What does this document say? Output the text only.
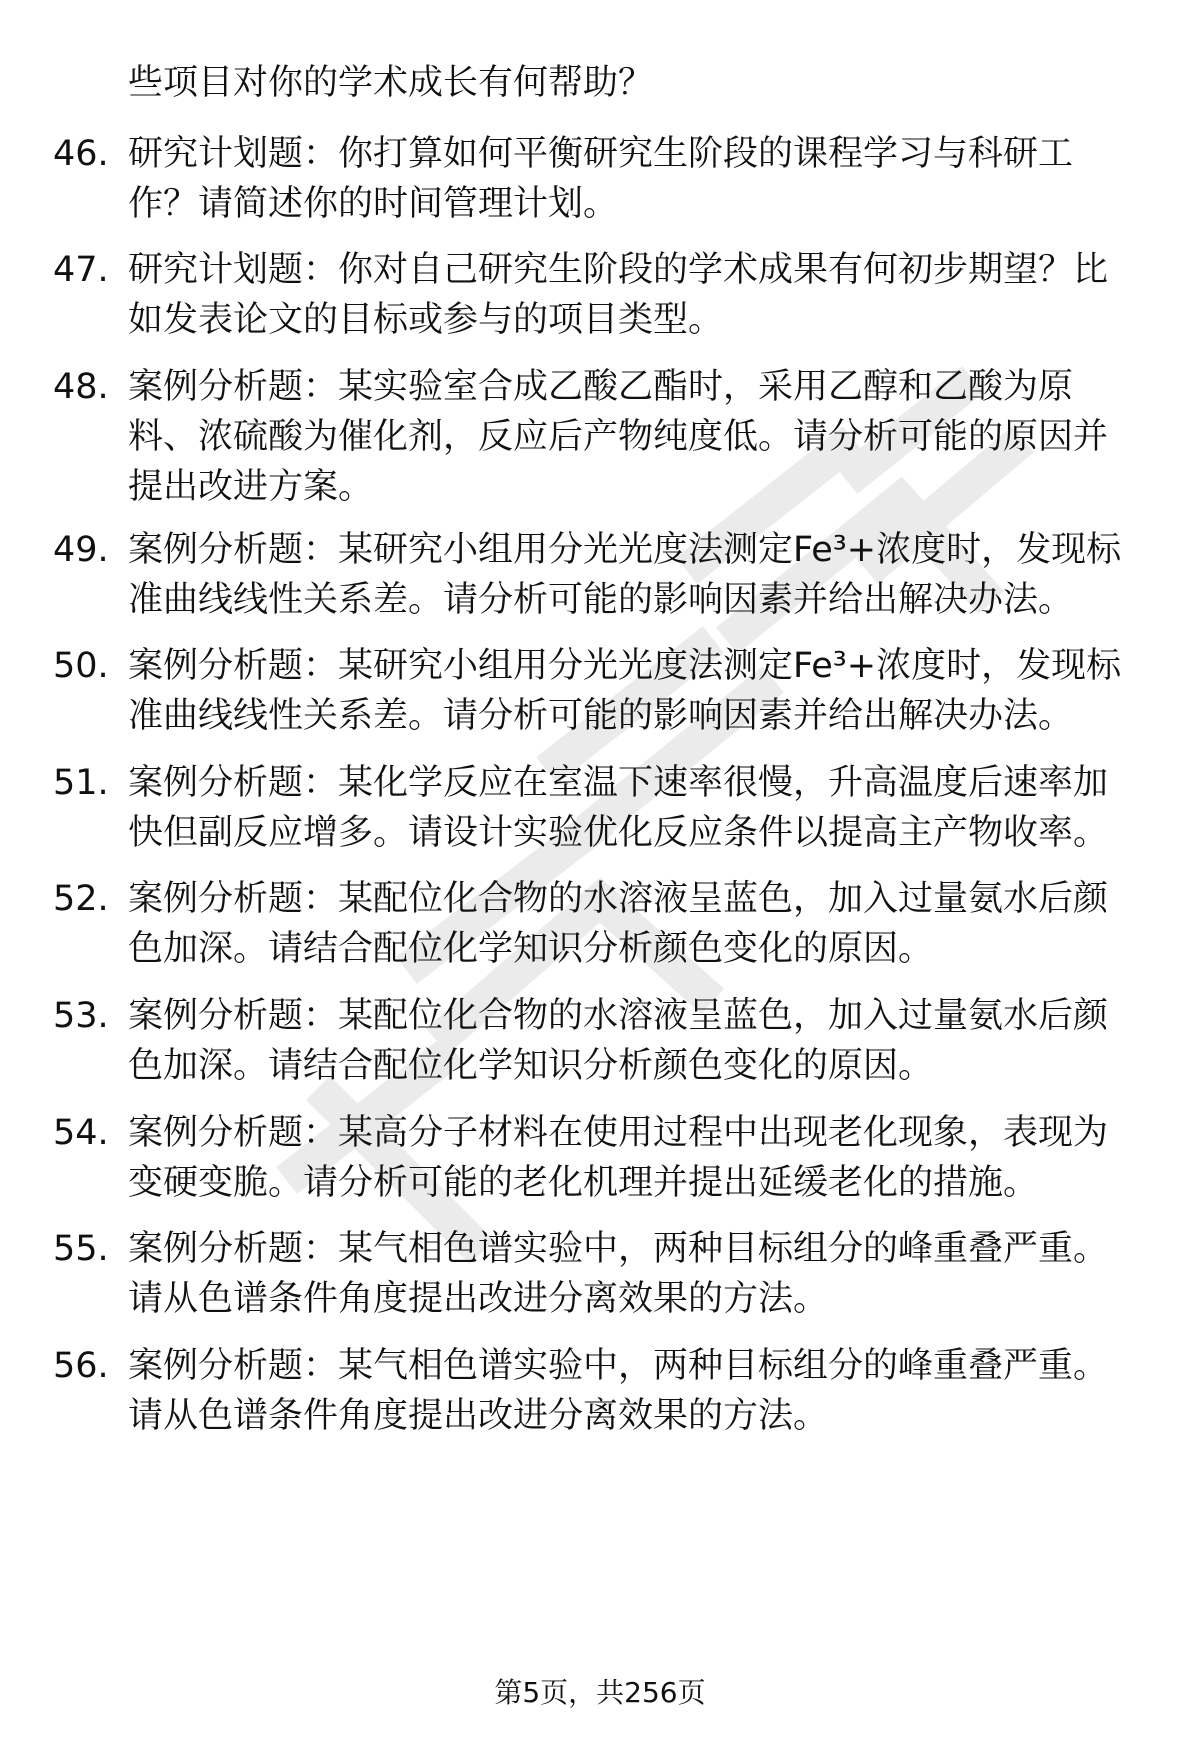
些项目对你的学术成长有何帮助？
46. 研究计划题：你打算如何平衡研究生阶段的课程学习与科研工
作？请简述你的时间管理计划。
47. 研究计划题：你对自己研究生阶段的学术成果有何初步期望？比
如发表论文的目标或参与的项目类型。
48. 案例分析题：某实验室合成乙酸乙酯时，采用乙醇和乙酸为原
料、浓硫酸为催化剂，反应后产物纯度低。请分析可能的原因并
提出改进方案。
49. 案例分析题：某研究小组用分光光度法测定Fe³+浓度时，发现标
准曲线线性关系差。请分析可能的影响因素并给出解决办法。
50. 案例分析题：某研究小组用分光光度法测定Fe³+浓度时，发现标
准曲线线性关系差。请分析可能的影响因素并给出解决办法。
51. 案例分析题：某化学反应在室温下速率很慢，升高温度后速率加
快但副反应增多。请设计实验优化反应条件以提高主产物收率。
52. 案例分析题：某配位化合物的水溶液呈蓝色，加入过量氨水后颜
色加深。请结合配位化学知识分析颜色变化的原因。
53. 案例分析题：某配位化合物的水溶液呈蓝色，加入过量氨水后颜
色加深。请结合配位化学知识分析颜色变化的原因。
54. 案例分析题：某高分子材料在使用过程中出现老化现象，表现为
变硬变脆。请分析可能的老化机理并提出延缓老化的措施。
55. 案例分析题：某气相色谱实验中，两种目标组分的峰重叠严重。
请从色谱条件角度提出改进分离效果的方法。
56. 案例分析题：某气相色谱实验中，两种目标组分的峰重叠严重。
请从色谱条件角度提出改进分离效果的方法。
第5页，共256页
